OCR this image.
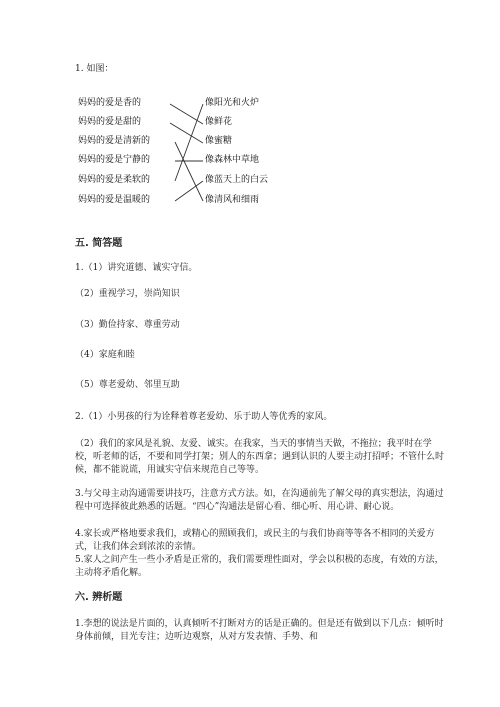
1. 如图：
妈妈的爱是香的
妈妈的爱是甜的
妈妈的爱是清新的
妈妈的爱是宁静的
妈妈的爱是柔软的
妈妈的爱是温暖的
像阳光和火炉
像鲜花
像蜜糖
像森林中草地
像蓝天上的白云
像清风和细雨
五. 简答题
1.（1）讲究道德、诚实守信。
（2）重视学习，崇尚知识
（3）勤俭持家、尊重劳动
（4）家庭和睦
（5）尊老爱幼、邻里互助
2.（1）小男孩的行为诠释着尊老爱幼、乐于助人等优秀的家风。
（2）我们的家风是礼貌、友爱、诚实。在我家，当天的事情当天做，不拖拉；我平时在学校，听老师的话，不要和同学打架；别人的东西拿；遇到认识的人要主动打招呼；不管什么时候，都不能说谎，用诚实守信来规范自己等等。
3.与父母主动沟通需要讲技巧，注意方式方法。如，在沟通前先了解父母的真实想法，沟通过程中可选择彼此熟悉的话题。“四心”沟通法是留心看、细心听、用心讲、耐心说。
4.家长或严格地要求我们，或精心的照顾我们，或民主的与我们协商等等各不相同的关爱方式，让我们体会到浓浓的亲情。
5.家人之间产生一些小矛盾是正常的，我们需要理性面对，学会以积极的态度，有效的方法，主动将矛盾化解。
六. 辨析题
1.李想的说法是片面的，认真倾听不打断对方的话是正确的。但是还有做到以下几点：倾听时身体前倾，目光专注；边听边观察，从对方发表情、手势、和
